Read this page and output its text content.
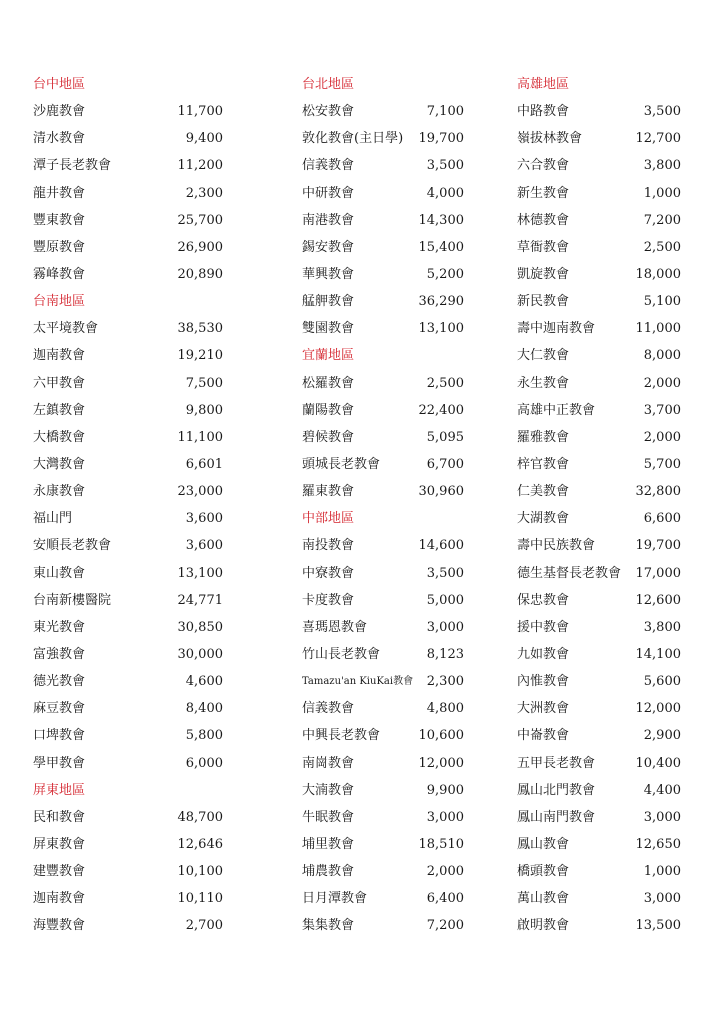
台中地區
沙鹿教會	11,700
清水教會	9,400
潭子長老教會	11,200
龍井教會	2,300
豐東教會	25,700
豐原教會	26,900
霧峰教會	20,890
台南地區
太平境教會	38,530
迦南教會	19,210
六甲教會	7,500
左鎮教會	9,800
大橋教會	11,100
大灣教會	6,601
永康教會	23,000
福山門	3,600
安順長老教會	3,600
東山教會	13,100
台南新樓醫院	24,771
東光教會	30,850
富強教會	30,000
德光教會	4,600
麻豆教會	8,400
口埤教會	5,800
學甲教會	6,000
屏東地區
民和教會	48,700
屏東教會	12,646
建豐教會	10,100
迦南教會	10,110
海豐教會	2,700
台北地區
松安教會	7,100
敦化教會(主日學) 19,700
信義教會	3,500
中研教會	4,000
南港教會	14,300
錫安教會	15,400
華興教會	5,200
艋舺教會	36,290
雙園教會	13,100
宜蘭地區
松羅教會	2,500
蘭陽教會	22,400
碧候教會	5,095
頭城長老教會	6,700
羅東教會	30,960
中部地區
南投教會	14,600
中寮教會	3,500
卡度教會	5,000
喜瑪恩教會	3,000
竹山長老教會	8,123
Tamazu'an KiuKai教會 2,300
信義教會	4,800
中興長老教會	10,600
南崗教會	12,000
大湳教會	9,900
牛眠教會	3,000
埔里教會	18,510
埔農教會	2,000
日月潭教會	6,400
集集教會	7,200
高雄地區
中路教會	3,500
嶺拔林教會	12,700
六合教會	3,800
新生教會	1,000
林德教會	7,200
草衙教會	2,500
凱旋教會	18,000
新民教會	5,100
壽中迦南教會	11,000
大仁教會	8,000
永生教會	2,000
高雄中正教會	3,700
羅雅教會	2,000
梓官教會	5,700
仁美教會	32,800
大湖教會	6,600
壽中民族教會	19,700
德生基督長老教會 17,000
保忠教會	12,600
援中教會	3,800
九如教會	14,100
內惟教會	5,600
大洲教會	12,000
中崙教會	2,900
五甲長老教會	10,400
鳳山北門教會	4,400
鳳山南門教會	3,000
鳳山教會	12,650
橋頭教會	1,000
萬山教會	3,000
啟明教會	13,500
